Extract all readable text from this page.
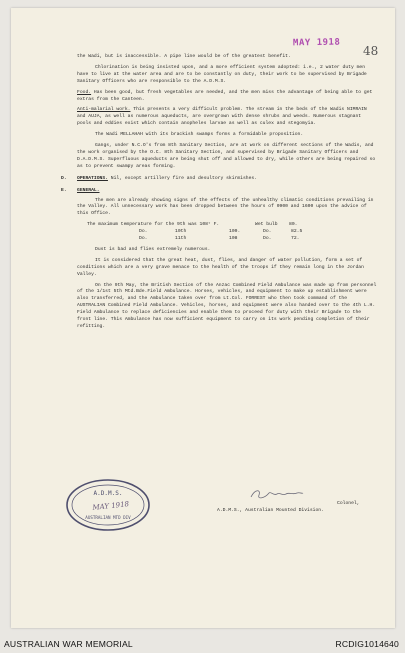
MAY 1918
48

the Wadi, but is inaccessible. A pipe line would be of the greatest benefit.

Chlorination is being insisted upon, and a more efficient system adopted: i.e., 2 water duty men have to live at the water area and are to be constantly on duty, their work to be supervised by Brigade Sanitary Officers who are responsible to the A.D.M.S.

Food. Has been good, but fresh vegetables are needed, and the men miss the advantage of being able to get extras from the Canteen.

Anti-malarial work. This presents a very difficult problem. The stream in the beds of the Wadis NIMRAIN and AUJA, as well as numerous aqueducts, are overgrown with dense shrubs and weeds. Numerous stagnant pools and eddies exist which contain anopheles larvae as well as culex and stegomyia.

The Wadi MELLAHAH with its brackish swamps forms a formidable proposition.

Gangs, under N.C.O's from 8th Sanitary Section, are at work on different sections of the Wadis, and the work organised by the O.C. 8th Sanitary Section, and supervised by Brigade Sanitary Officers and D.A.D.M.S. Superfluous aqueducts are being shut off and allowed to dry, while others are being repaired so as to prevent swampy areas forming.

D. OPERATIONS. Nil, except artillery fire and desultory skirmishes.
E. GENERAL.

The men are already showing signs of the effects of the unhealthy climatic conditions prevailing in the Valley. All unnecessary work has been dropped between the hours of 0900 and 1600 upon the advice of this Office.

The maximum temperature for the 9th was 108° F.	Wet bulb	80.
Do.	10th	109.	Do.	82.5
Do.	11th	108	Do.	72.

Dust is bad and flies extremely numerous.

It is considered that the great heat, dust, flies, and danger of water pollution, form a set of conditions which are a very grave menace to the health of the troops if they remain long in the Jordan Valley.

On the 9th May, the British Section of the Anzac Combined Field Ambulance was made up from personnel of the 1/1st 5th Mtd.Bde.Field Ambulance. Horses, vehicles, and equipment to make up establishment were also transferred, and the Ambulance taken over from Lt.Col. FORREST who then took command of the AUSTRALIAN Combined Field Ambulance. Vehicles, horses, and equipment were also handed over to the 4th L.H. Field Ambulance to replace deficiencies and enable them to proceed for duty with their Brigade to the front line. This Ambulance has now sufficient equipment to carry on its work pending completion of their refitting.

A.D.M.S.
MAY 1918
AUSTRALIAN MTD DIV
Colonel,
A.D.M.S., Australian Mounted Division.
AUSTRALIAN WAR MEMORIAL	RCDIG1014640
